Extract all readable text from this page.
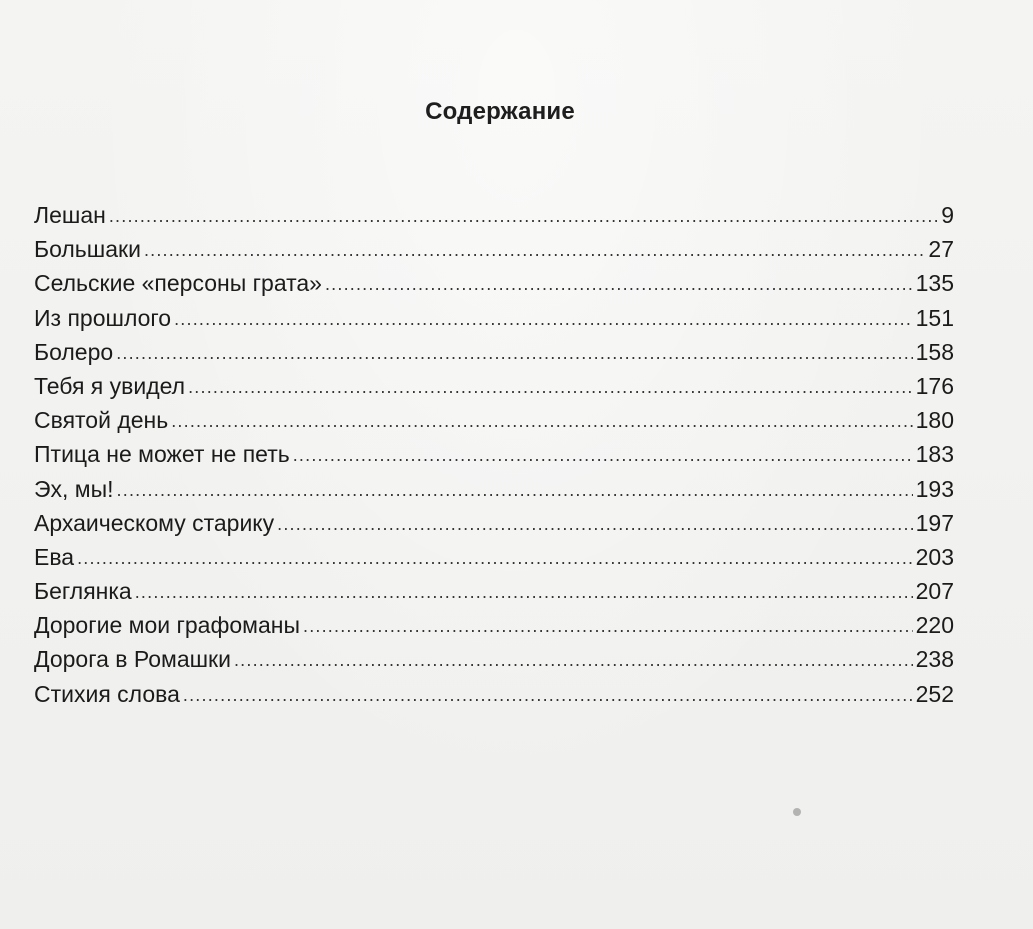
Содержание
Лешан .....	9
Большаки .....	27
Сельские «персоны грата» .....	135
Из прошлого .....	151
Болеро .....	158
Тебя я увидел .....	176
Святой день .....	180
Птица не может не петь .....	183
Эх, мы! .....	193
Архаическому старику .....	197
Ева .....	203
Беглянка .....	207
Дорогие мои графоманы .....	220
Дорога в Ромашки .....	238
Стихия слова .....	252
